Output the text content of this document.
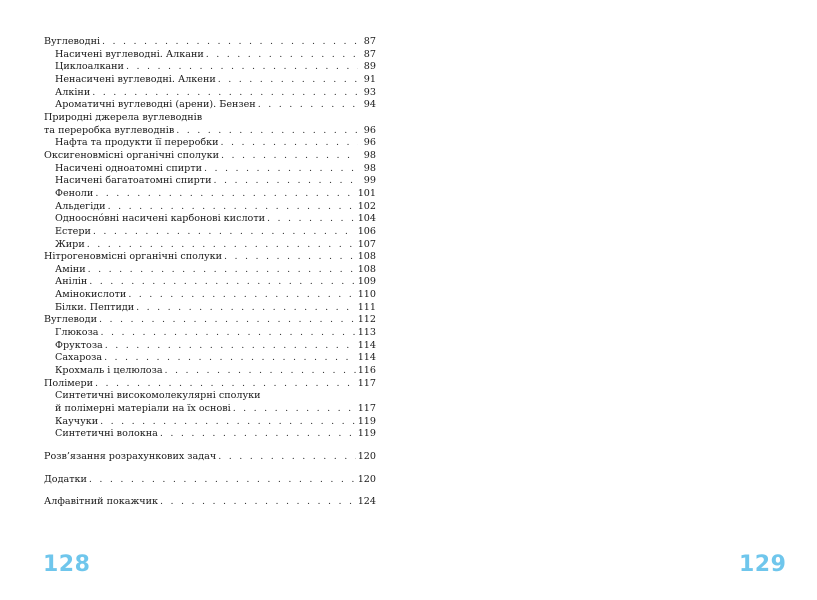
Вуглеводні . . .	87
Насичені вуглеводні. Алкани . . .	87
Циклоалкани . . .	89
Ненасичені вуглеводні. Алкени . . .	91
Алкіни . . .	93
Ароматичні вуглеводні (арени). Бензен . . .	94
Природні джерела вуглеводнів
та переробка вуглеводнів . . .	96
Нафта та продукти її переробки . . .	96
Оксигеновмісні органічні сполуки . . .	98
Насичені одноатомні спирти . . .	98
Насичені багатоатомні спирти . . .	99
Феноли . . .	101
Альдегіди . . .	102
Одноосно́вні насичені карбонові кислоти . . .	104
Естери . . .	106
Жири . . .	107
Нітрогеновмісні органічні сполуки . . .	108
Аміни . . .	108
Анілін . . .	109
Амінокислоти . . .	110
Білки. Пептиди . . .	111
Вуглеводи . . .	112
Глюкоза . . .	113
Фруктоза . . .	114
Сахароза . . .	114
Крохмаль і целюлоза . . .	116
Полімери . . .	117
Синтетичні високомолекулярні сполуки
й полімерні матеріали на їх основі . . .	117
Каучуки . . .	119
Синтетичні волокна . . .	119
Розв’язання розрахункових задач . . .	120
Додатки . . .	120
Алфавітний покажчик . . .	124
128	129
